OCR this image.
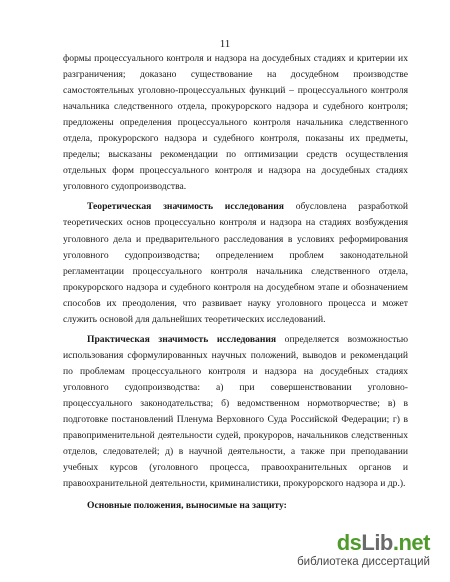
11

формы процессуального контроля и надзора на досудебных стадиях и критерии их разграничения; доказано существование на досудебном производстве самостоятельных уголовно-процессуальных функций – процессуального контроля начальника следственного отдела, прокурорского надзора и судебного контроля; предложены определения процессуального контроля начальника следственного отдела, прокурорского надзора и судебного контроля, показаны их предметы, пределы; высказаны рекомендации по оптимизации средств осуществления отдельных форм процессуального контроля и надзора на досудебных стадиях уголовного судопроизводства.

Теоретическая значимость исследования обусловлена разработкой теоретических основ процессуально контроля и надзора на стадиях возбуждения уголовного дела и предварительного расследования в условиях реформирования уголовного судопроизводства; определением проблем законодательной регламентации процессуального контроля начальника следственного отдела, прокурорского надзора и судебного контроля на досудебном этапе и обозначением способов их преодоления, что развивает науку уголовного процесса и может служить основой для дальнейших теоретических исследований.

Практическая значимость исследования определяется возможностью использования сформулированных научных положений, выводов и рекомендаций по проблемам процессуального контроля и надзора на досудебных стадиях уголовного судопроизводства: а) при совершенствовании уголовно-процессуального законодательства; б) ведомственном нормотворчестве; в) в подготовке постановлений Пленума Верховного Суда Российской Федерации; г) в правоприменительной деятельности судей, прокуроров, начальников следственных отделов, следователей; д) в научной деятельности, а также при преподавании учебных курсов (уголовного процесса, правоохранительных органов и правоохранительной деятельности, криминалистики, прокурорского надзора и др.).

Основные положения, выносимые на защиту:

dsLib.net
библиотека диссертаций
